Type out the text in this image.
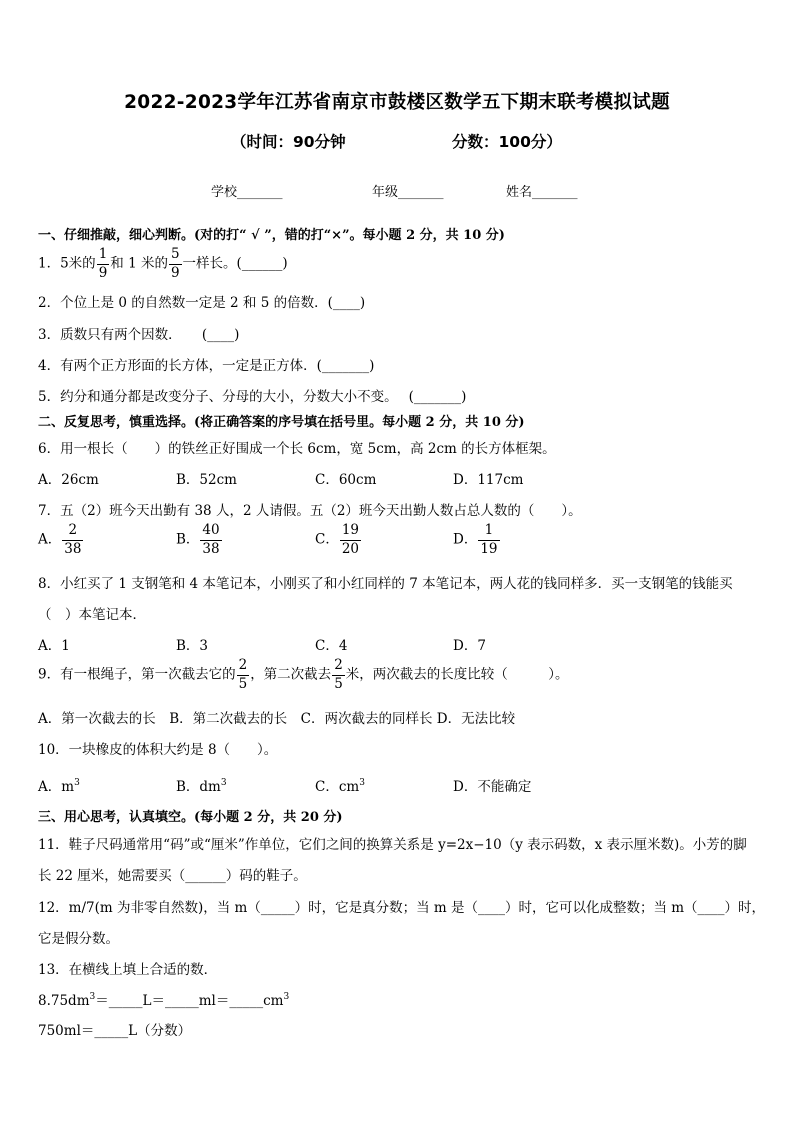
2022-2023学年江苏省南京市鼓楼区数学五下期末联考模拟试题
（时间：90分钟	分数：100分）
学校_______	年级_______	姓名_______
一、仔细推敲，细心判断。(对的打“ √ ”，错的打“×”。每小题 2 分，共 10 分)
1．5米的 $\frac{1}{9}$ 和 1 米的 $\frac{5}{9}$ 一样长。(______)
2．个位上是 0 的自然数一定是 2 和 5 的倍数．(____)
3．质数只有两个因数．　　(____)
4．有两个正方形面的长方体，一定是正方体．(_______)
5．约分和通分都是改变分子、分母的大小，分数大小不变。　 (_______)
二、反复思考，慎重选择。(将正确答案的序号填在括号里。每小题 2 分，共 10 分)
6．用一根长（　　）的铁丝正好围成一个长 6cm，宽 5cm，高 2cm 的长方体框架。
A．26cm	B．52cm	C．60cm	D．117cm
7．五（2）班今天出勤有 38 人，2 人请假。五（2）班今天出勤人数占总人数的（　　）。
A． $\frac{2}{38}$	B． $\frac{40}{38}$	C． $\frac{19}{20}$	D． $\frac{1}{19}$
8．小红买了 1 支钢笔和 4 本笔记本，小刚买了和小红同样的 7 本笔记本，两人花的钱同样多．买一支钢笔的钱能买
（　）本笔记本．
A．1	B．3	C．4	D．7
9．有一根绳子，第一次截去它的 $\frac{2}{5}$ ，第二次截去 $\frac{2}{5}$ 米，两次截去的长度比较（　　　）。
A．第一次截去的长　B．第二次截去的长　C．两次截去的同样长 D．无法比较
10．一块橡皮的体积大约是 8（　　）。
A．$m^3$	B．$dm^3$	C．$cm^3$	D．不能确定
三、用心思考，认真填空。(每小题 2 分，共 20 分)
11．鞋子尺码通常用“码”或“厘米”作单位，它们之间的换算关系是 y=2x−10（y 表示码数，x 表示厘米数)。小芳的脚
长 22 厘米，她需要买（______）码的鞋子。
12．m/7(m 为非零自然数)，当 m（_____）时，它是真分数；当 m 是（____）时，它可以化成整数；当 m（____）时，
它是假分数。
13．在横线上填上合适的数．
$8.75dm^3=\_\_\_\_\_L=\_\_\_\_\_ml=\_\_\_\_\_cm^3$
750ml＝_____L（分数）
